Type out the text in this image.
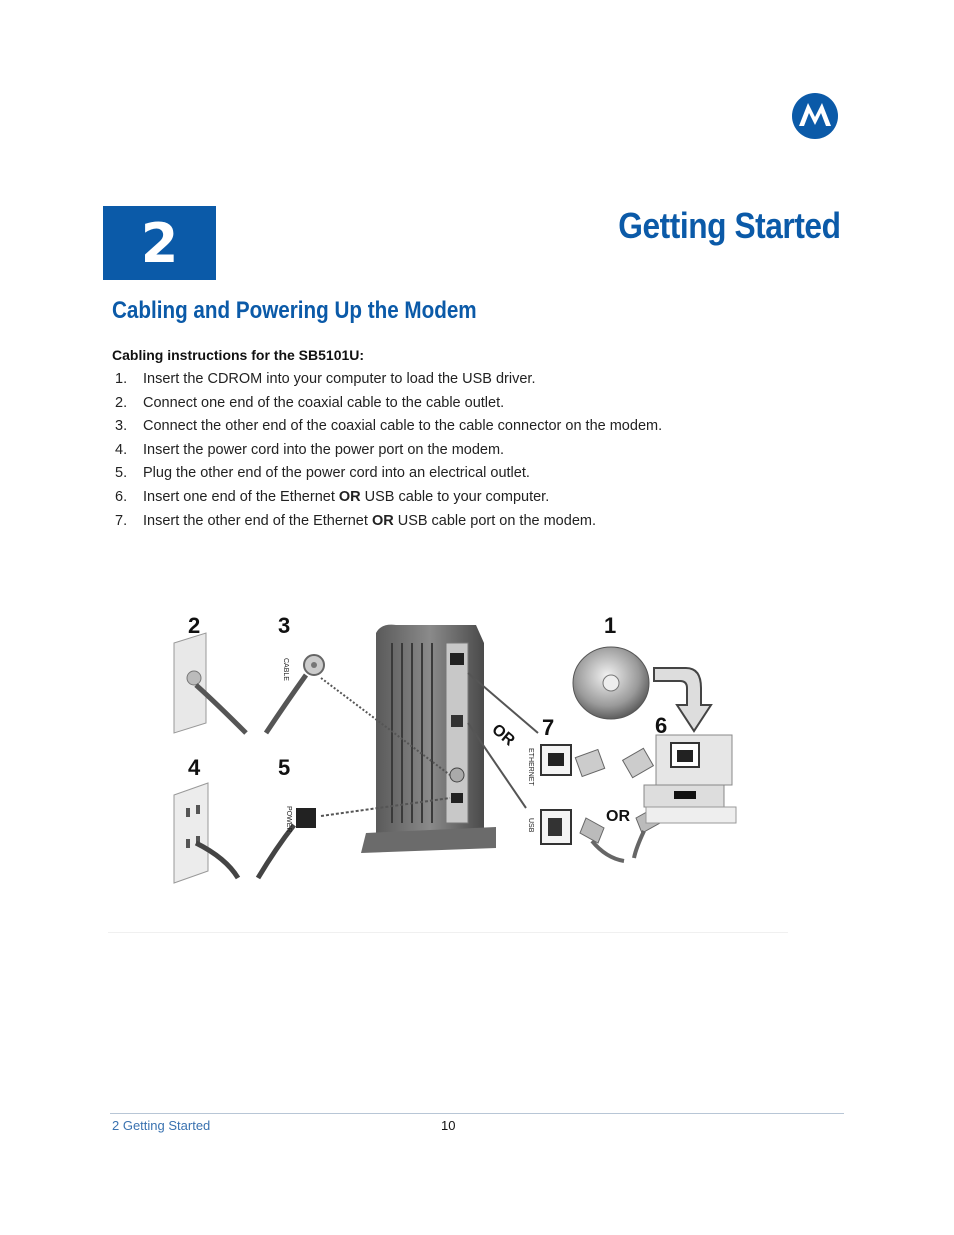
2	Getting Started
Cabling and Powering Up the Modem

Cabling instructions for the SB5101U:

1. Insert the CDROM into your computer to load the USB driver.
2. Connect one end of the coaxial cable to the cable outlet.
3. Connect the other end of the coaxial cable to the cable connector on the modem.
4. Insert the power cord into the power port on the modem.
5. Plug the other end of the power cord into an electrical outlet.
6. Insert one end of the Ethernet OR USB cable to your computer.
7. Insert the other end of the Ethernet OR USB cable port on the modem.
2	3	1
4	5
7	6
OR
OR
CABLE
POWER
ETHERNET
USB
2 Getting Started	10
